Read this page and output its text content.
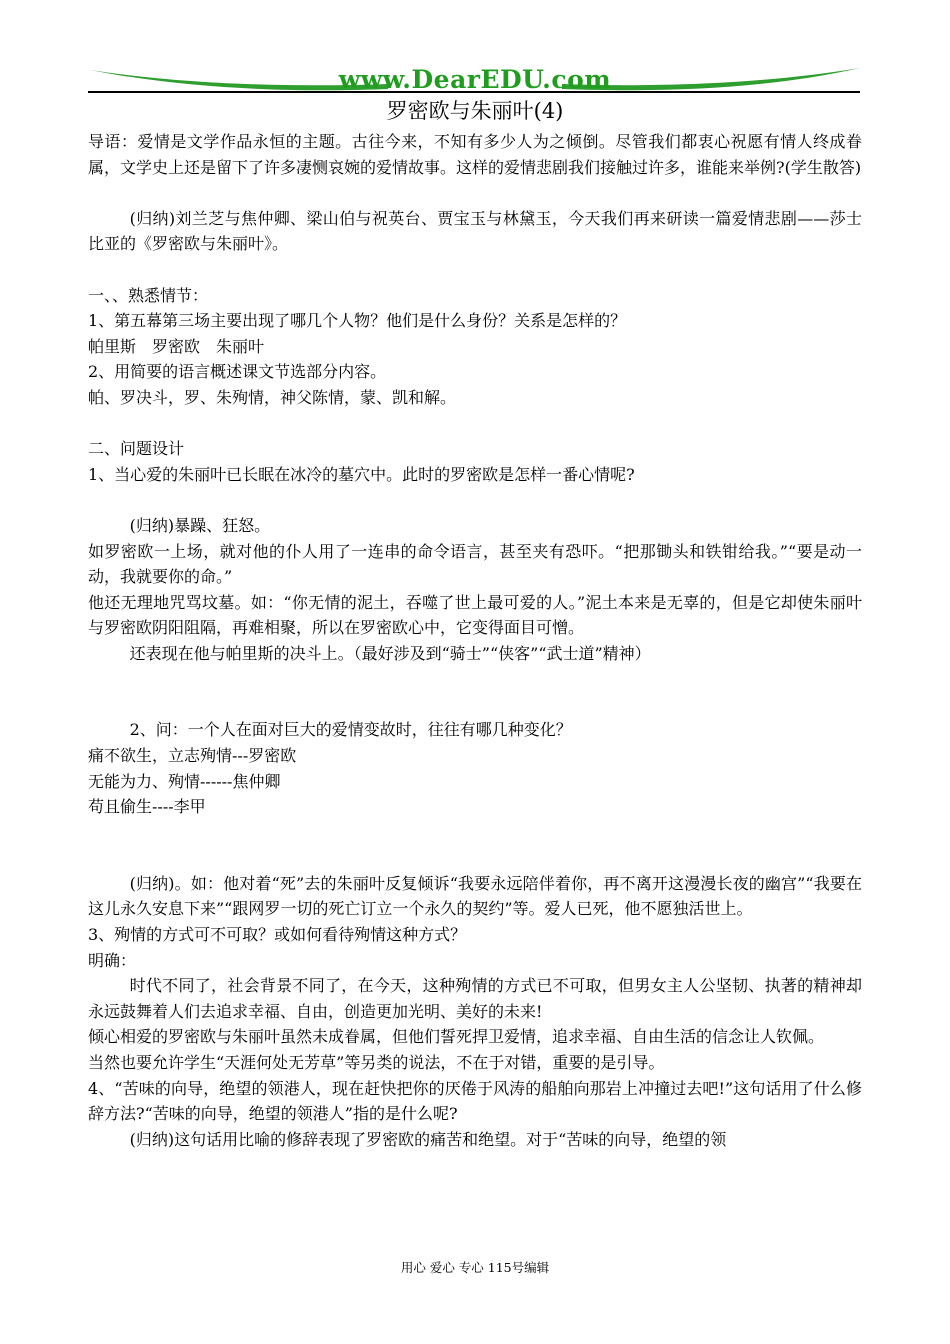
www.DearEDU.com
罗密欧与朱丽叶(4)

导语：爱情是文学作品永恒的主题。古往今来，不知有多少人为之倾倒。尽管我们都衷心祝愿有情人终成眷属，文学史上还是留下了许多凄恻哀婉的爱情故事。这样的爱情悲剧我们接触过许多，谁能来举例?(学生散答)

(归纳)刘兰芝与焦仲卿、梁山伯与祝英台、贾宝玉与林黛玉，今天我们再来研读一篇爱情悲剧——莎士比亚的《罗密欧与朱丽叶》。

一、、熟悉情节：

1、第五幕第三场主要出现了哪几个人物？他们是什么身份？关系是怎样的？

帕里斯　罗密欧　朱丽叶

2、用简要的语言概述课文节选部分内容。

帕、罗决斗，罗、朱殉情，神父陈情，蒙、凯和解。

二、问题设计

1、当心爱的朱丽叶已长眠在冰冷的墓穴中。此时的罗密欧是怎样一番心情呢?

(归纳)暴躁、狂怒。

如罗密欧一上场，就对他的仆人用了一连串的命令语言，甚至夹有恐吓。“把那锄头和铁钳给我。”“要是动一动，我就要你的命。”

他还无理地咒骂坟墓。如：“你无情的泥土，吞噬了世上最可爱的人。”泥土本来是无辜的，但是它却使朱丽叶与罗密欧阴阳阻隔，再难相聚，所以在罗密欧心中，它变得面目可憎。

还表现在他与帕里斯的决斗上。（最好涉及到“骑士”“侠客”“武士道”精神）

2、问：一个人在面对巨大的爱情变故时，往往有哪几种变化？

痛不欲生，立志殉情---罗密欧

无能为力、殉情------焦仲卿

苟且偷生----李甲

(归纳)。如：他对着“死”去的朱丽叶反复倾诉“我要永远陪伴着你，再不离开这漫漫长夜的幽宫”“我要在这儿永久安息下来”“跟网罗一切的死亡订立一个永久的契约”等。爱人已死，他不愿独活世上。

3、殉情的方式可不可取？或如何看待殉情这种方式？

明确：

时代不同了，社会背景不同了，在今天，这种殉情的方式已不可取，但男女主人公坚韧、执著的精神却永远鼓舞着人们去追求幸福、自由，创造更加光明、美好的未来!

倾心相爱的罗密欧与朱丽叶虽然未成眷属，但他们誓死捍卫爱情，追求幸福、自由生活的信念让人钦佩。

当然也要允许学生“天涯何处无芳草”等另类的说法，不在于对错，重要的是引导。

4、“苦味的向导，绝望的领港人，现在赶快把你的厌倦于风涛的船舶向那岩上冲撞过去吧!”这句话用了什么修辞方法?“苦味的向导，绝望的领港人”指的是什么呢?

(归纳)这句话用比喻的修辞表现了罗密欧的痛苦和绝望。对于“苦味的向导，绝望的领

用心 爱心 专心 115号编辑
